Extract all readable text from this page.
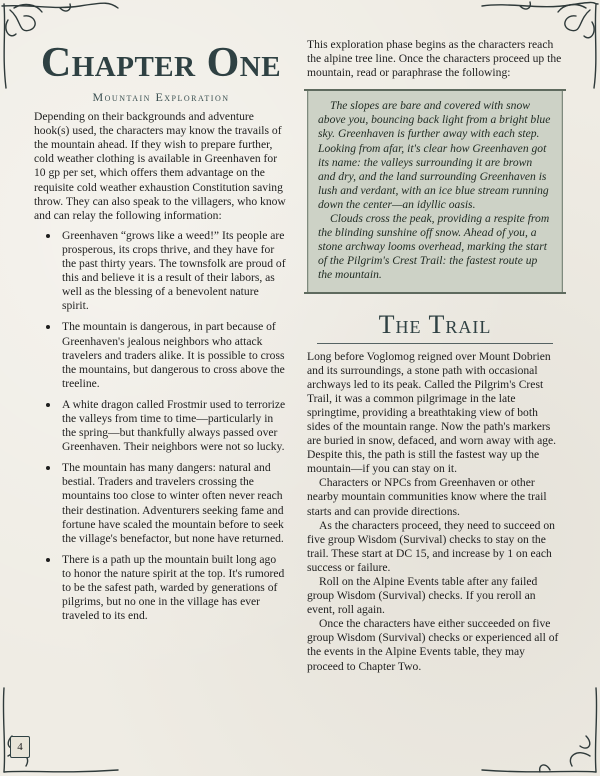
Chapter One
Mountain Exploration

Depending on their backgrounds and adventure hook(s) used, the characters may know the travails of the mountain ahead. If they wish to prepare further, cold weather clothing is available in Greenhaven for 10 gp per set, which offers them advantage on the requisite cold weather exhaustion Constitution saving throw. They can also speak to the villagers, who know and can relay the following information:

Greenhaven “grows like a weed!” Its people are prosperous, its crops thrive, and they have for the past thirty years. The townsfolk are proud of this and believe it is a result of their labors, as well as the blessing of a benevolent nature spirit.
The mountain is dangerous, in part because of Greenhaven's jealous neighbors who attack travelers and traders alike. It is possible to cross the mountains, but dangerous to cross above the treeline.
A white dragon called Frostmir used to terrorize the valleys from time to time—particularly in the spring—but thankfully always passed over Greenhaven. Their neighbors were not so lucky.
The mountain has many dangers: natural and bestial. Traders and travelers crossing the mountains too close to winter often never reach their destination. Adventurers seeking fame and fortune have scaled the mountain before to seek the village's benefactor, but none have returned.
There is a path up the mountain built long ago to honor the nature spirit at the top. It's rumored to be the safest path, warded by generations of pilgrims, but no one in the village has ever traveled to its end.

This exploration phase begins as the characters reach the alpine tree line. Once the characters proceed up the mountain, read or paraphrase the following:

The slopes are bare and covered with snow above you, bouncing back light from a bright blue sky. Greenhaven is further away with each step. Looking from afar, it's clear how Greenhaven got its name: the valleys surrounding it are brown and dry, and the land surrounding Greenhaven is lush and verdant, with an ice blue stream running down the center—an idyllic oasis.

Clouds cross the peak, providing a respite from the blinding sunshine off snow. Ahead of you, a stone archway looms overhead, marking the start of the Pilgrim's Crest Trail: the fastest route up the mountain.

The Trail

Long before Voglomog reigned over Mount Dobrien and its surroundings, a stone path with occasional archways led to its peak. Called the Pilgrim's Crest Trail, it was a common pilgrimage in the late springtime, providing a breathtaking view of both sides of the mountain range. Now the path's markers are buried in snow, defaced, and worn away with age. Despite this, the path is still the fastest way up the mountain—if you can stay on it.

Characters or NPCs from Greenhaven or other nearby mountain communities know where the trail starts and can provide directions.

As the characters proceed, they need to succeed on five group Wisdom (Survival) checks to stay on the trail. These start at DC 15, and increase by 1 on each success or failure.

Roll on the Alpine Events table after any failed group Wisdom (Survival) checks. If you reroll an event, roll again.

Once the characters have either succeeded on five group Wisdom (Survival) checks or experienced all of the events in the Alpine Events table, they may proceed to Chapter Two.

4
